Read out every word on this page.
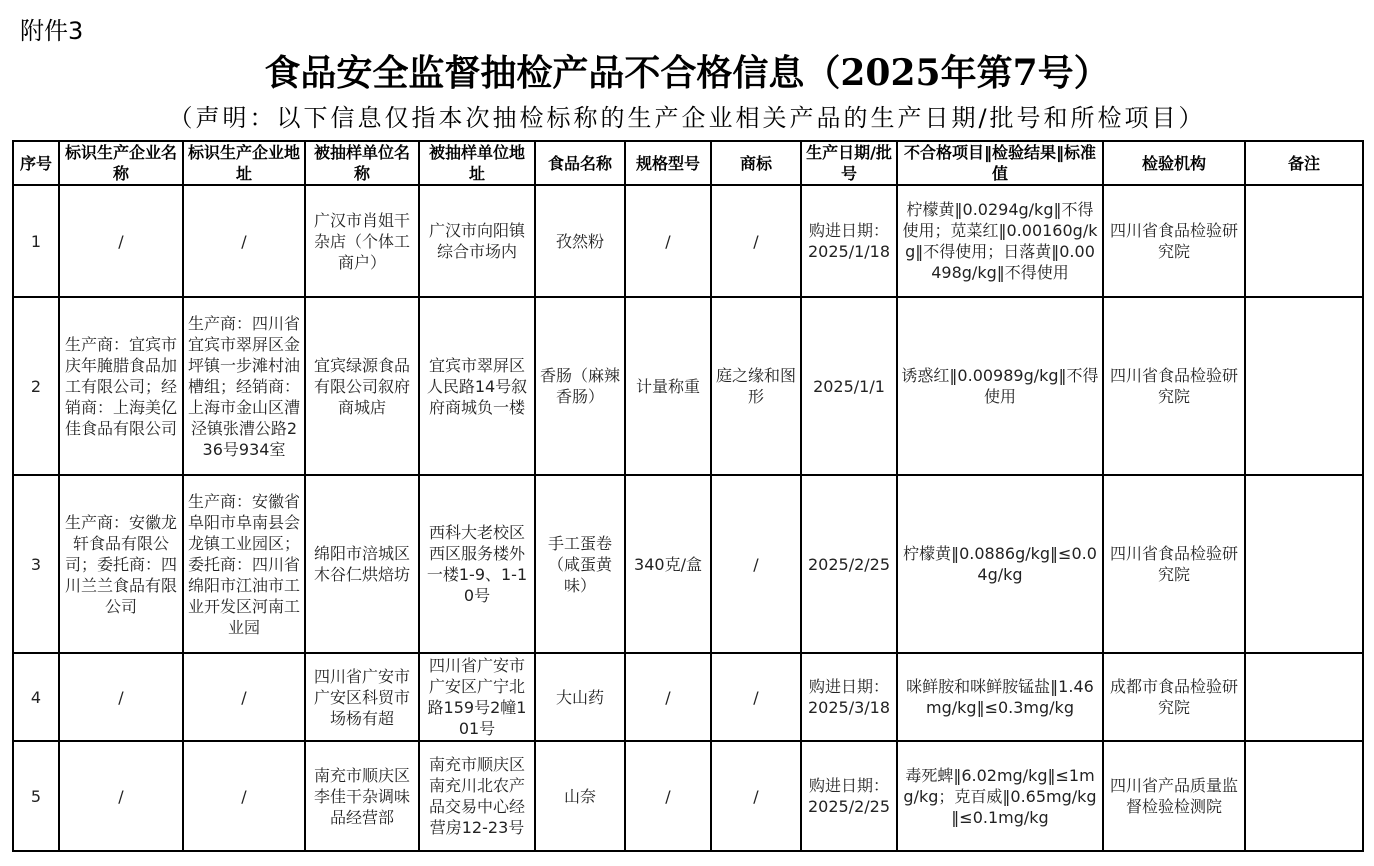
附件3
食品安全监督抽检产品不合格信息（2025年第7号）
（声明：以下信息仅指本次抽检标称的生产企业相关产品的生产日期/批号和所检项目）
序号	标识生产企业名称	标识生产企业地址	被抽样单位名称	被抽样单位地址	食品名称	规格型号	商标	生产日期/批号	不合格项目‖检验结果‖标准值	检验机构	备注
1	/	/	广汉市肖姐干杂店（个体工商户）	广汉市向阳镇综合市场内	孜然粉	/	/	购进日期：2025/1/18	柠檬黄‖0.0294g/kg‖不得使用；苋菜红‖0.00160g/kg‖不得使用；日落黄‖0.00498g/kg‖不得使用	四川省食品检验研究院	
2	生产商：宜宾市庆年腌腊食品加工有限公司；经销商：上海美亿佳食品有限公司	生产商：四川省宜宾市翠屏区金坪镇一步滩村油槽组；经销商：上海市金山区漕泾镇张漕公路236号934室	宜宾绿源食品有限公司叙府商城店	宜宾市翠屏区人民路14号叙府商城负一楼	香肠（麻辣香肠）	计量称重	庭之缘和图形	2025/1/1	诱惑红‖0.00989g/kg‖不得使用	四川省食品检验研究院	
3	生产商：安徽龙轩食品有限公司；委托商：四川兰兰食品有限公司	生产商：安徽省阜阳市阜南县会龙镇工业园区；委托商：四川省绵阳市江油市工业开发区河南工业园	绵阳市涪城区木谷仁烘焙坊	西科大老校区西区服务楼外一楼1-9、1-10号	手工蛋卷（咸蛋黄味）	340克/盒	/	2025/2/25	柠檬黄‖0.0886g/kg‖≤0.04g/kg	四川省食品检验研究院	
4	/	/	四川省广安市广安区科贸市场杨有超	四川省广安市广安区广宁北路159号2幢101号	大山药	/	/	购进日期：2025/3/18	咪鲜胺和咪鲜胺锰盐‖1.46mg/kg‖≤0.3mg/kg	成都市食品检验研究院	
5	/	/	南充市顺庆区李佳干杂调味品经营部	南充市顺庆区南充川北农产品交易中心经营房12-23号	山奈	/	/	购进日期：2025/2/25	毒死蜱‖6.02mg/kg‖≤1mg/kg；克百威‖0.65mg/kg‖≤0.1mg/kg	四川省产品质量监督检验检测院	
